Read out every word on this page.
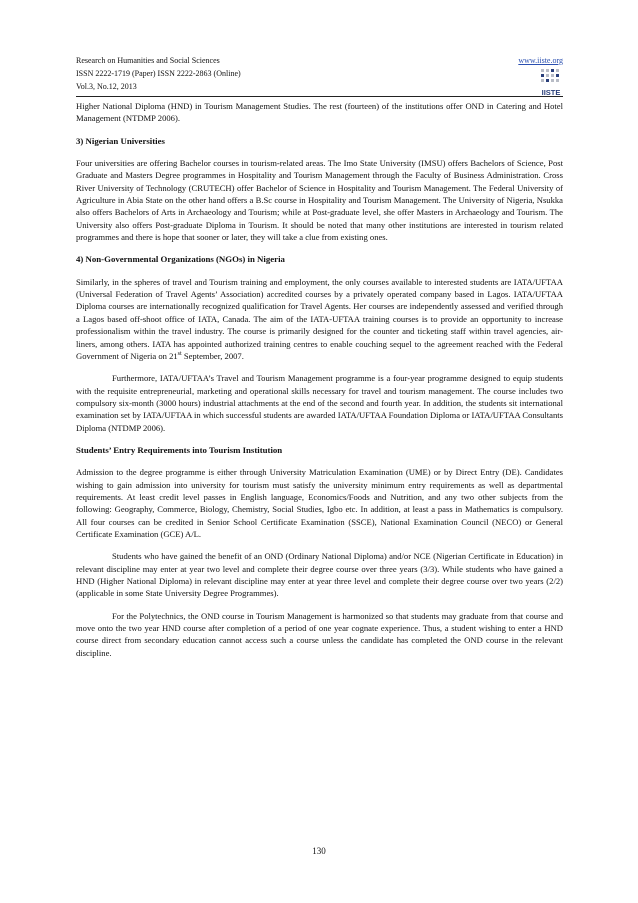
Research on Humanities and Social Sciences
ISSN 2222-1719 (Paper) ISSN 2222-2863 (Online)
Vol.3, No.12, 2013
www.iiste.org
IISTE

Higher National Diploma (HND) in Tourism Management Studies. The rest (fourteen) of the institutions offer OND in Catering and Hotel Management (NTDMP 2006).

3) Nigerian Universities

Four universities are offering Bachelor courses in tourism-related areas. The Imo State University (IMSU) offers Bachelors of Science, Post Graduate and Masters Degree programmes in Hospitality and Tourism Management through the Faculty of Business Administration. Cross River University of Technology (CRUTECH) offer Bachelor of Science in Hospitality and Tourism Management. The Federal University of Agriculture in Abia State on the other hand offers a B.Sc course in Hospitality and Tourism Management. The University of Nigeria, Nsukka also offers Bachelors of Arts in Archaeology and Tourism; while at Post-graduate level, she offer Masters in Archaeology and Tourism. The University also offers Post-graduate Diploma in Tourism. It should be noted that many other institutions are interested in tourism related programmes and there is hope that sooner or later, they will take a clue from existing ones.

4) Non-Governmental Organizations (NGOs) in Nigeria

Similarly, in the spheres of travel and Tourism training and employment, the only courses available to interested students are IATA/UFTAA (Universal Federation of Travel Agents’ Association) accredited courses by a privately operated company based in Lagos. IATA/UFTAA Diploma courses are internationally recognized qualification for Travel Agents. Her courses are independently assessed and verified through a Lagos based off-shoot office of IATA, Canada. The aim of the IATA-UFTAA training courses is to provide an opportunity to increase professionalism within the travel industry. The course is primarily designed for the counter and ticketing staff within travel agencies, air-liners, among others. IATA has appointed authorized training centres to enable couching sequel to the agreement reached with the Federal Government of Nigeria on 21st September, 2007.

Furthermore, IATA/UFTAA’s Travel and Tourism Management programme is a four-year programme designed to equip students with the requisite entrepreneurial, marketing and operational skills necessary for travel and tourism management. The course includes two compulsory six-month (3000 hours) industrial attachments at the end of the second and fourth year. In addition, the students sit international examination set by IATA/UFTAA in which successful students are awarded IATA/UFTAA Foundation Diploma or IATA/UFTAA Consultants Diploma (NTDMP 2006).

Students’ Entry Requirements into Tourism Institution

Admission to the degree programme is either through University Matriculation Examination (UME) or by Direct Entry (DE). Candidates wishing to gain admission into university for tourism must satisfy the university minimum entry requirements as well as departmental requirements. At least credit level passes in English language, Economics/Foods and Nutrition, and any two other subjects from the following: Geography, Commerce, Biology, Chemistry, Social Studies, Igbo etc. In addition, at least a pass in Mathematics is compulsory. All four courses can be credited in Senior School Certificate Examination (SSCE), National Examination Council (NECO) or General Certificate Examination (GCE) A/L.

Students who have gained the benefit of an OND (Ordinary National Diploma) and/or NCE (Nigerian Certificate in Education) in relevant discipline may enter at year two level and complete their degree course over three years (3/3). While students who have gained a HND (Higher National Diploma) in relevant discipline may enter at year three level and complete their degree course over two years (2/2) (applicable in some State University Degree Programmes).

For the Polytechnics, the OND course in Tourism Management is harmonized so that students may graduate from that course and move onto the two year HND course after completion of a period of one year cognate experience. Thus, a student wishing to enter a HND course direct from secondary education cannot access such a course unless the candidate has completed the OND course in the relevant discipline.

130
